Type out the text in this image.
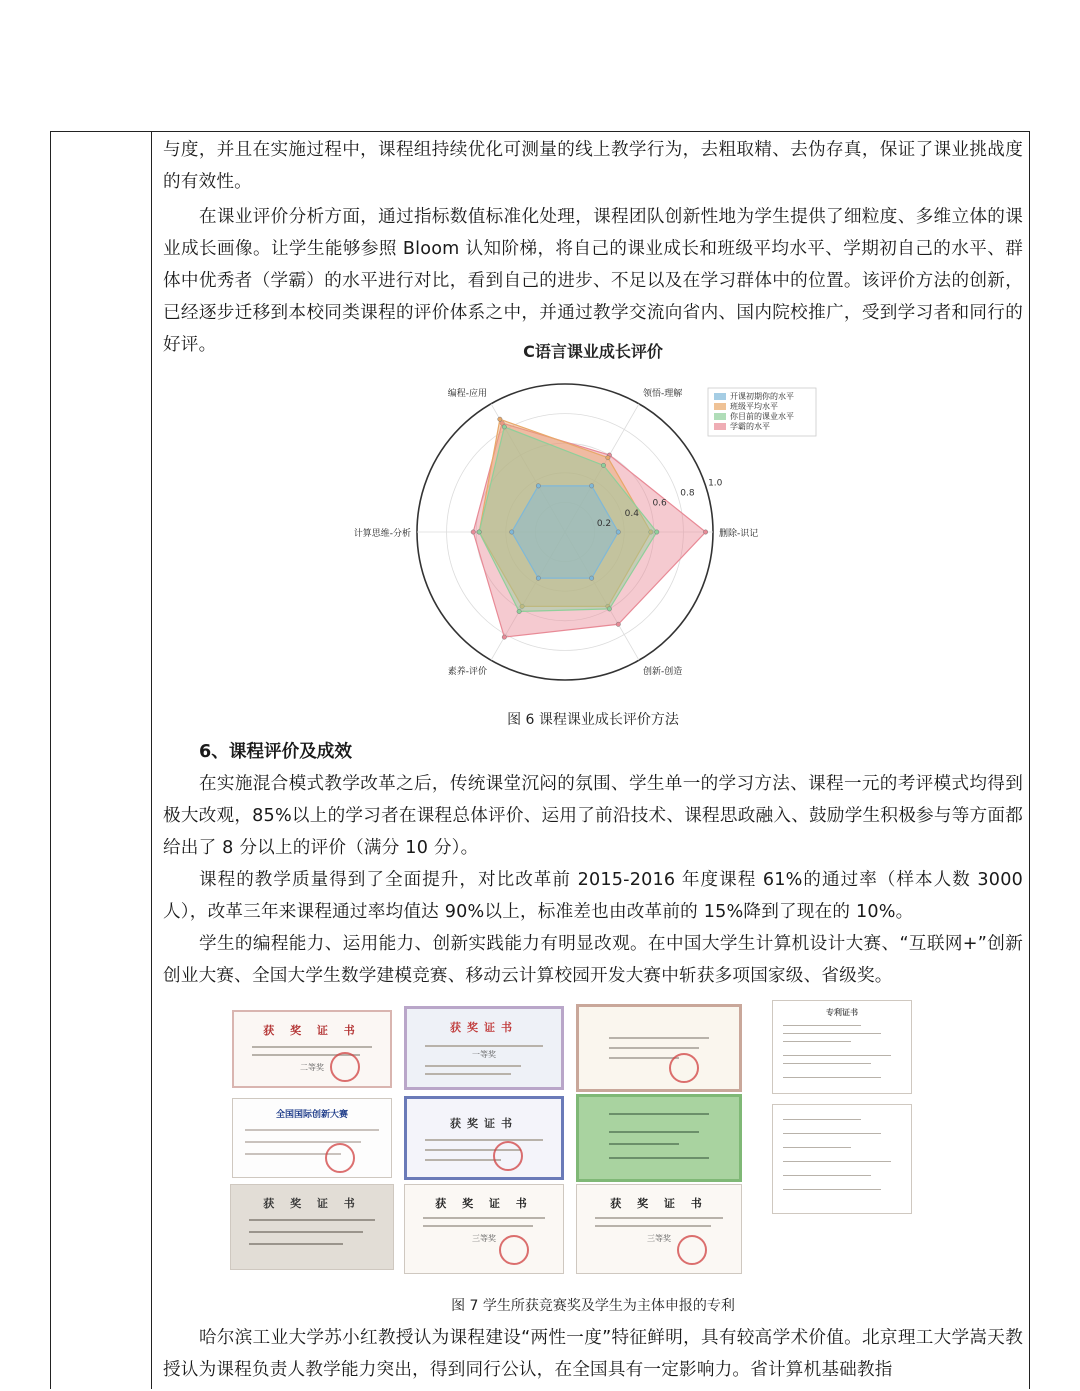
与度，并且在实施过程中，课程组持续优化可测量的线上教学行为，去粗取精、去伪存真，保证了课业挑战度的有效性。

在课业评价分析方面，通过指标数值标准化处理，课程团队创新性地为学生提供了细粒度、多维立体的课业成长画像。让学生能够参照 Bloom 认知阶梯，将自己的课业成长和班级平均水平、学期初自己的水平、群体中优秀者（学霸）的水平进行对比，看到自己的进步、不足以及在学习群体中的位置。该评价方法的创新，已经逐步迁移到本校同类课程的评价体系之中，并通过教学交流向省内、国内院校推广，受到学习者和同行的好评。	C语言课业成长评价
0.2
0.4
0.6
0.8
1.0
删除-识记
领悟-理解
编程-应用
计算思维-分析
素养-评价	创新-创造
开课初期你的水平
班级平均水平
你目前的课业水平
学霸的水平

图 6 课程课业成长评价方法

6、课程评价及成效

在实施混合模式教学改革之后，传统课堂沉闷的氛围、学生单一的学习方法、课程一元的考评模式均得到极大改观，85%以上的学习者在课程总体评价、运用了前沿技术、课程思政融入、鼓励学生积极参与等方面都给出了 8 分以上的评价（满分 10 分）。

课程的教学质量得到了全面提升，对比改革前 2015-2016 年度课程 61%的通过率（样本人数 3000 人），改革三年来课程通过率均值达 90%以上，标准差也由改革前的 15%降到了现在的 10%。

学生的编程能力、运用能力、创新实践能力有明显改观。在中国大学生计算机设计大赛、“互联网+”创新创业大赛、全国大学生数学建模竞赛、移动云计算校园开发大赛中斩获多项国家级、省级奖。

获 奖 证 书
二等奖
获奖证书
一等奖
专利证书
全国国际创新大赛
获奖证书
获 奖 证 书	获 奖 证 书
三等奖
获 奖 证 书
三等奖

图 7 学生所获竞赛奖及学生为主体申报的专利

哈尔滨工业大学苏小红教授认为课程建设“两性一度”特征鲜明，具有较高学术价值。北京理工大学嵩天教授认为课程负责人教学能力突出，得到同行公认，在全国具有一定影响力。省计算机基础教指
